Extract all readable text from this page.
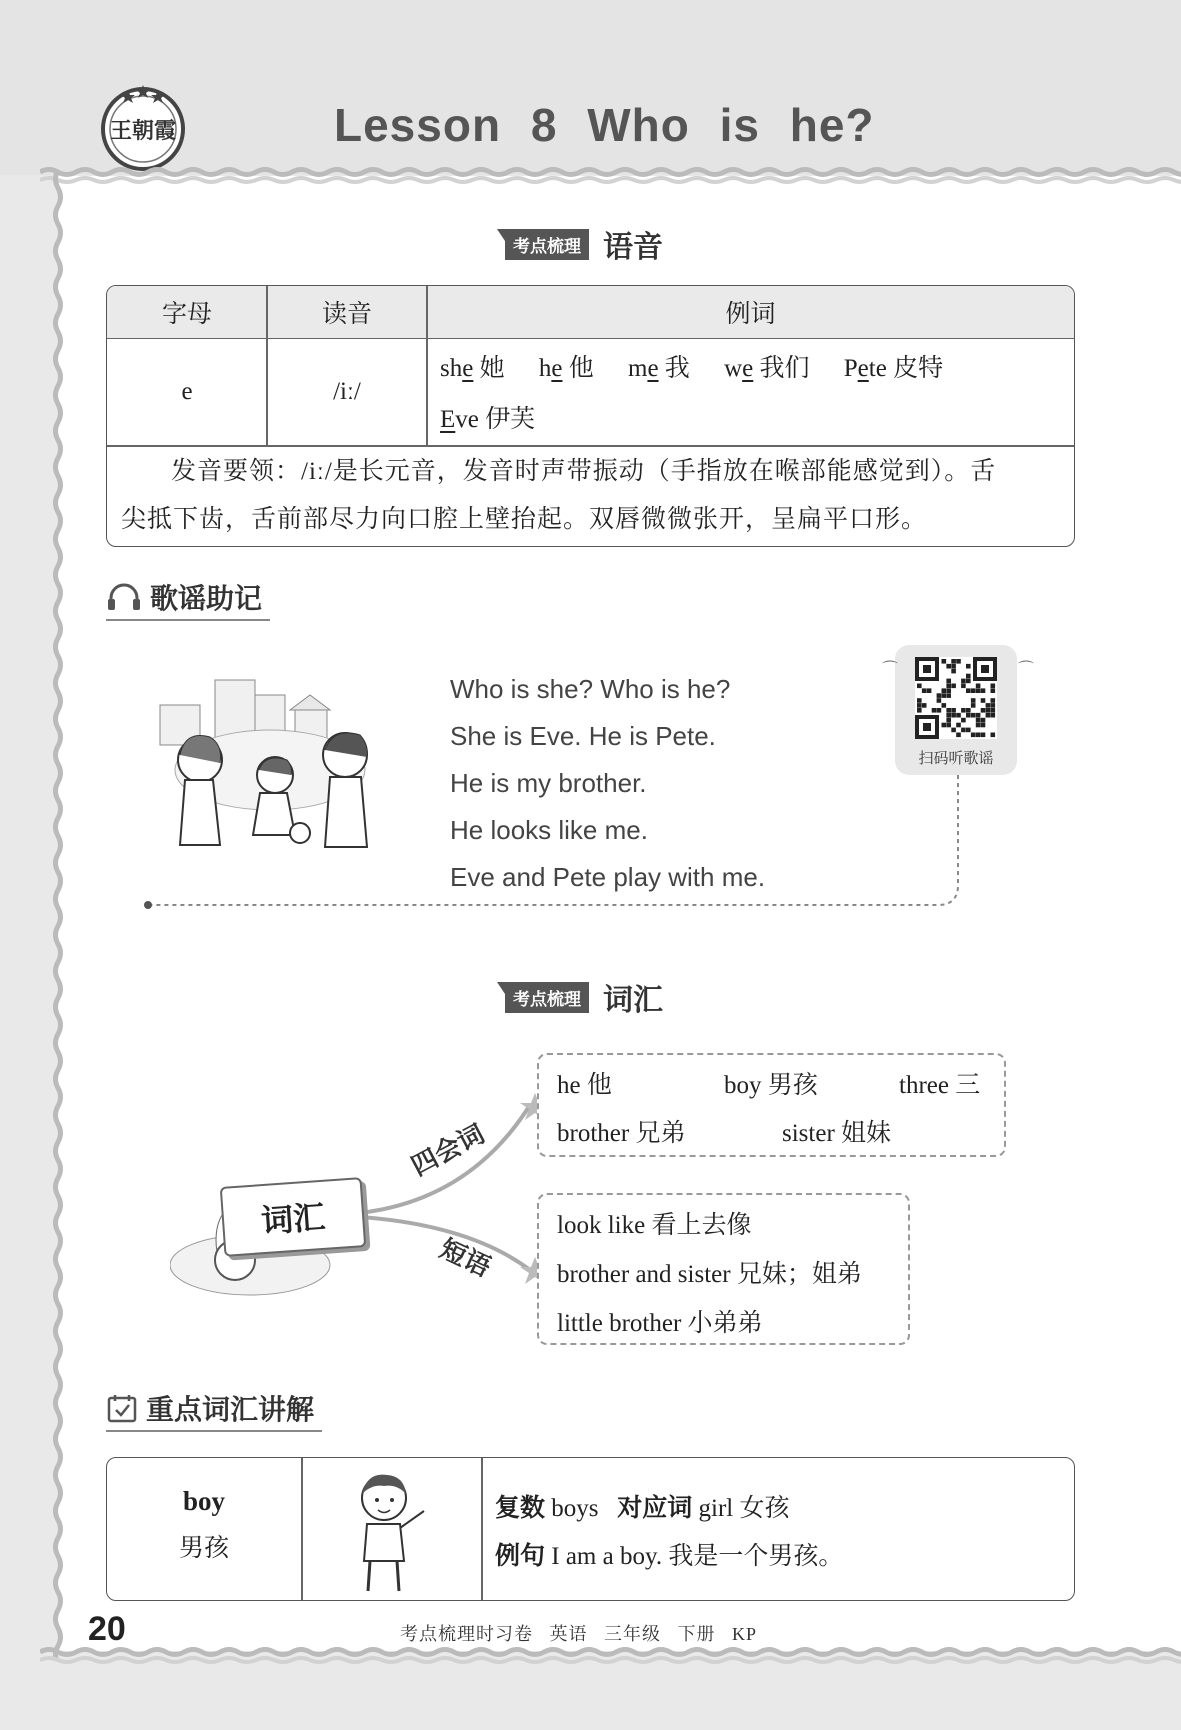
王朝霞	Lesson 8 Who is he?
考点梳理 语音
字母	读音	例词
e	/iː/
she 她 he 他 me 我 we 我们 Pete 皮特
Eve 伊芙
发音要领：/iː/是长元音，发音时声带振动（手指放在喉部能感觉到）。舌
尖抵下齿，舌前部尽力向口腔上壁抬起。双唇微微张开，呈扁平口形。
歌谣助记
Who is she? Who is he?
She is Eve. He is Pete.
He is my brother.
He looks like me.
Eve and Pete play with me.
扫码听歌谣
⌒	⌒
考点梳理 词汇
词汇
四会词
短语
he 他	boy 男孩	three 三
brother 兄弟	sister 姐妹
look like 看上去像
brother and sister 兄妹；姐弟
little brother 小弟弟
重点词汇讲解
boy
男孩
复数 boys 对应词 girl 女孩
例句 I am a boy. 我是一个男孩。
20	考点梳理时习卷   英语   三年级   下册   KP
